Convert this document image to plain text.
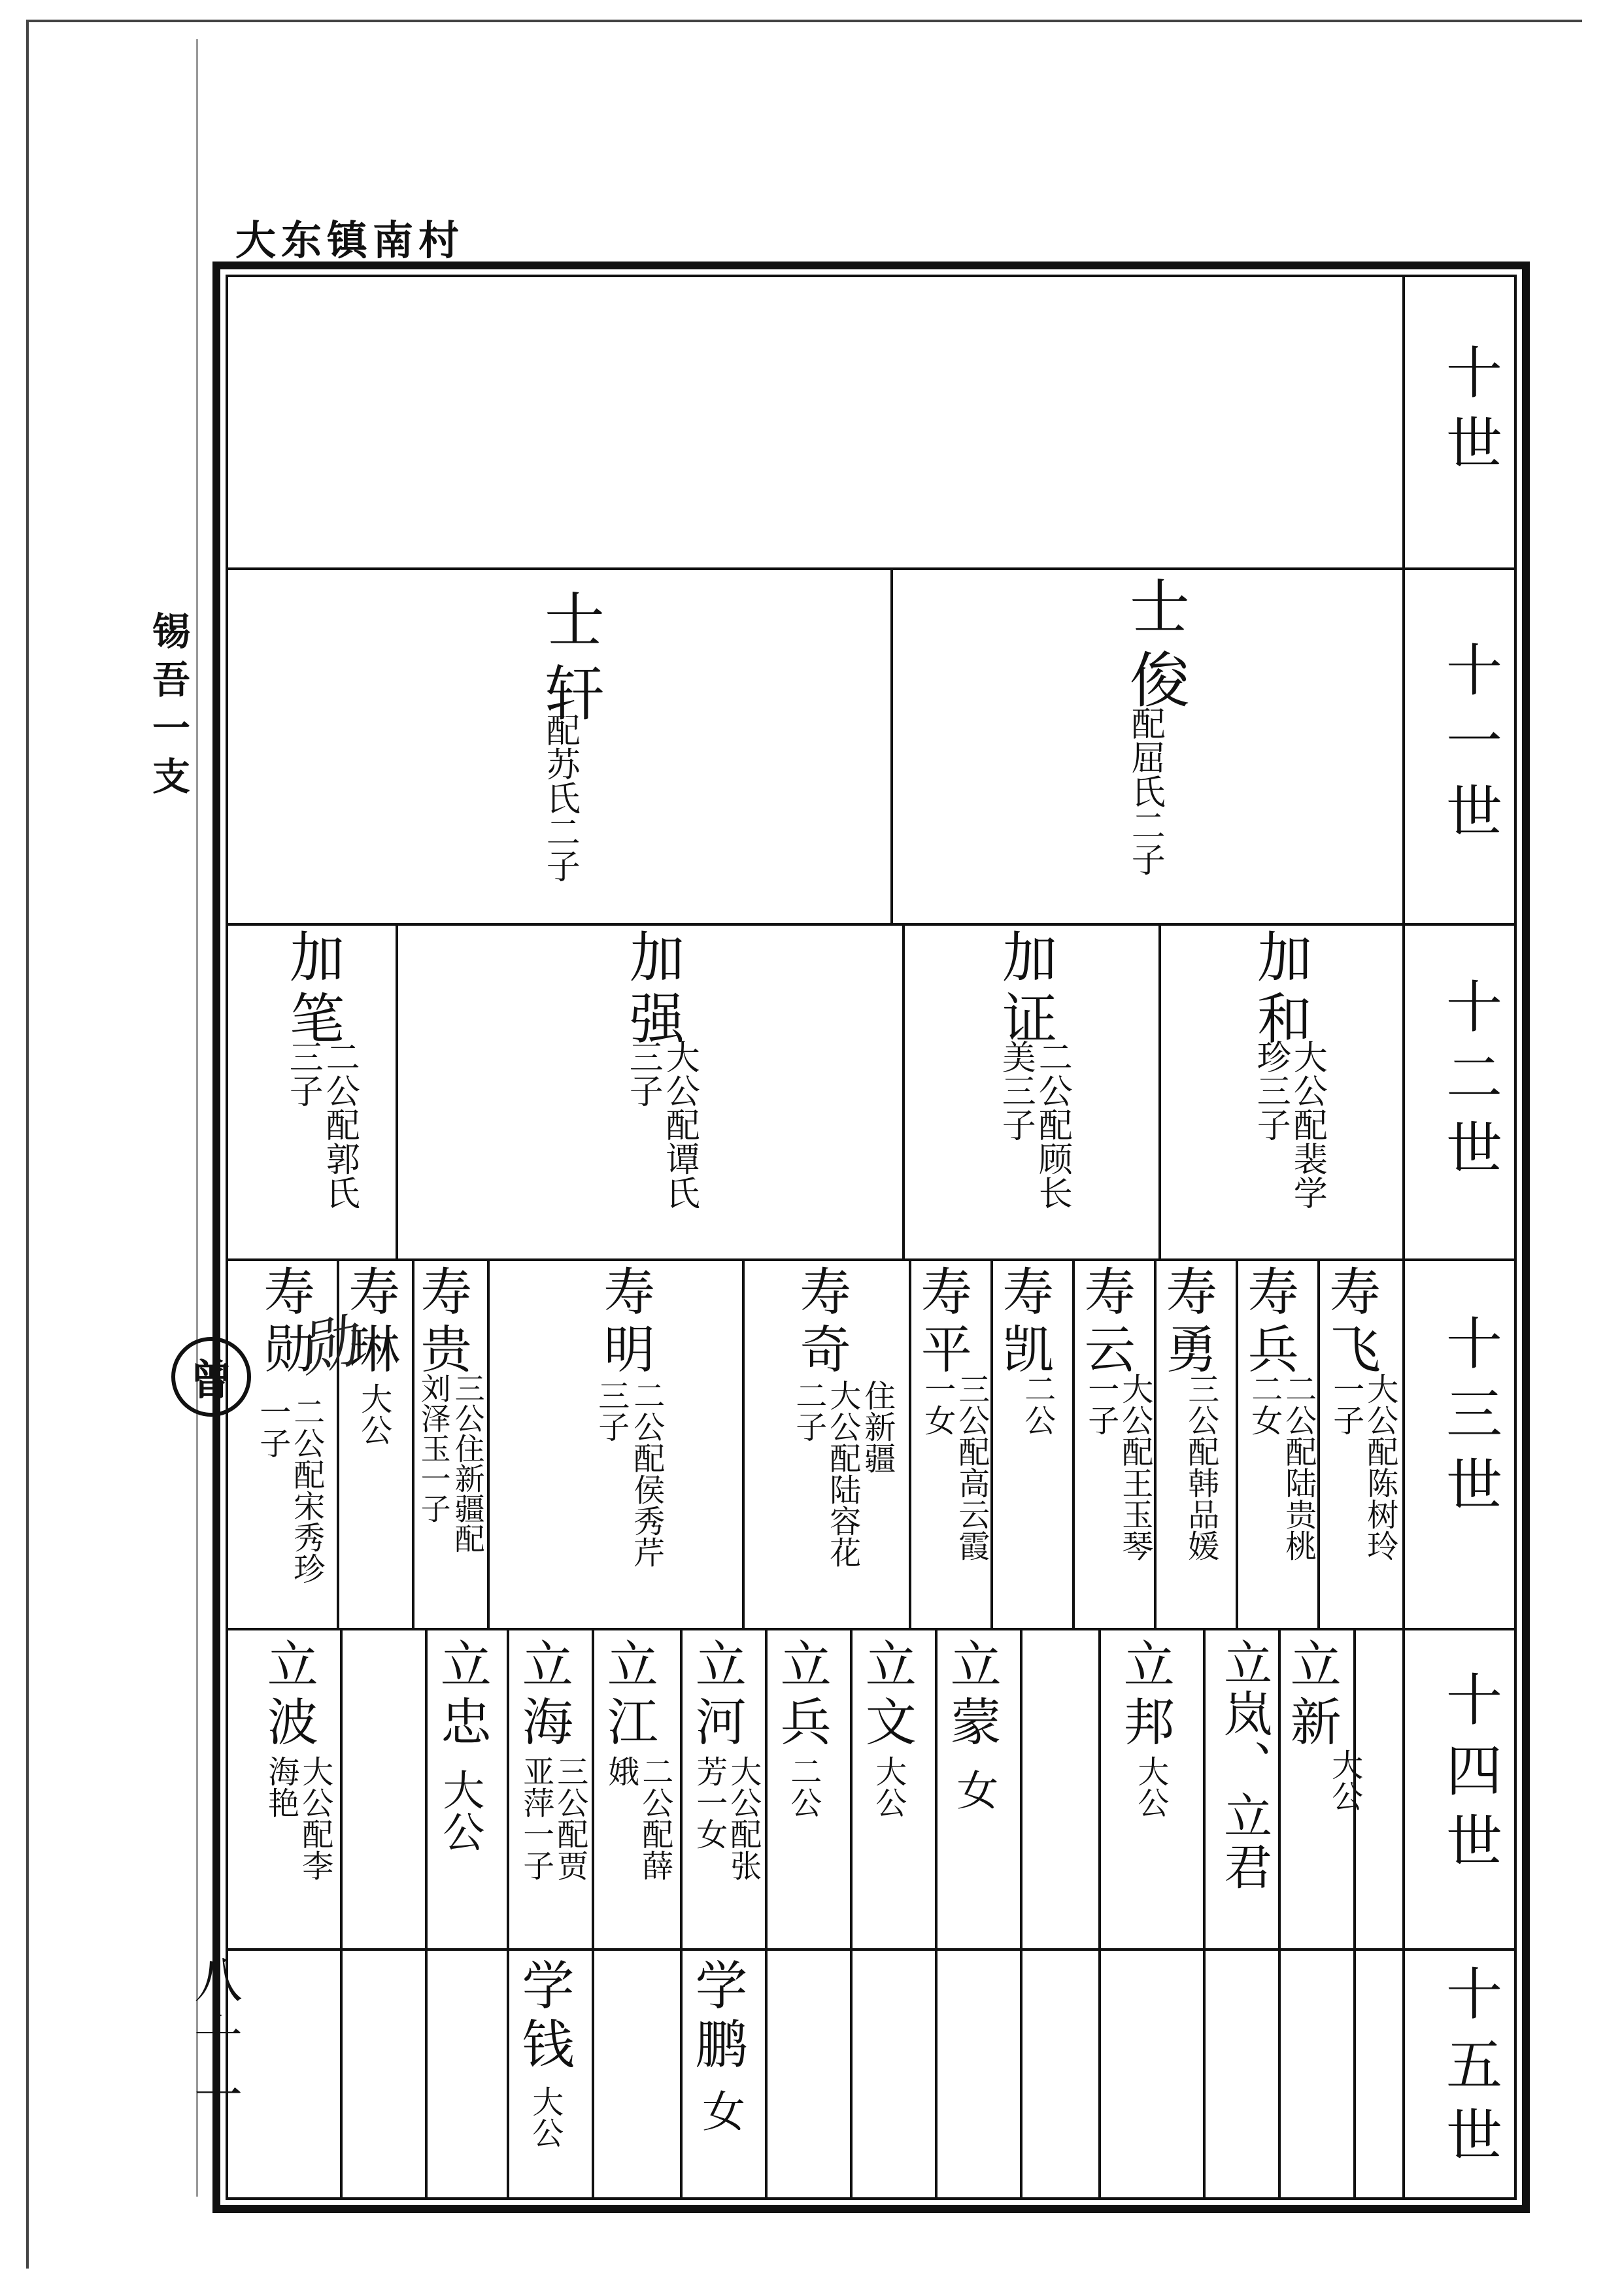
大东镇南村
锡吾一支
八十一
曾
十世
十一世
十二世
十三世
十四世
十五世
士俊
配屈氏二子
士轩
配苏氏二子
加和
大公配裴学
珍三子
加证
二公配顾长
美三子
加强
大公配谭氏
三子
加笔
二公配郭氏
三子
寿飞
大公配陈树玲
一子
寿兵
二公配陆贵桃
二女
寿勇
三公配韩品媛
寿云
大公配王玉琴
一子
寿凯
二公
寿平
三公配高云霞
一女
寿奇
住新疆
大公配陆容花
二子
寿明
二公配侯秀芹
三子
寿贵
三公住新疆配
刘泽玉一子
寿琳
大公
寿勋
二公配宋秀珍
一子
立新
大公
立岚、立君
立邦
大公
立蒙
女
立文
大公
立兵
二公
立河
大公配张
芳一女
立江
二公配薛
娥
立海
三公配贾
亚萍一子
立忠
大公
立波
大公配李
海艳
学鹏
女
学钱
大公
勋
